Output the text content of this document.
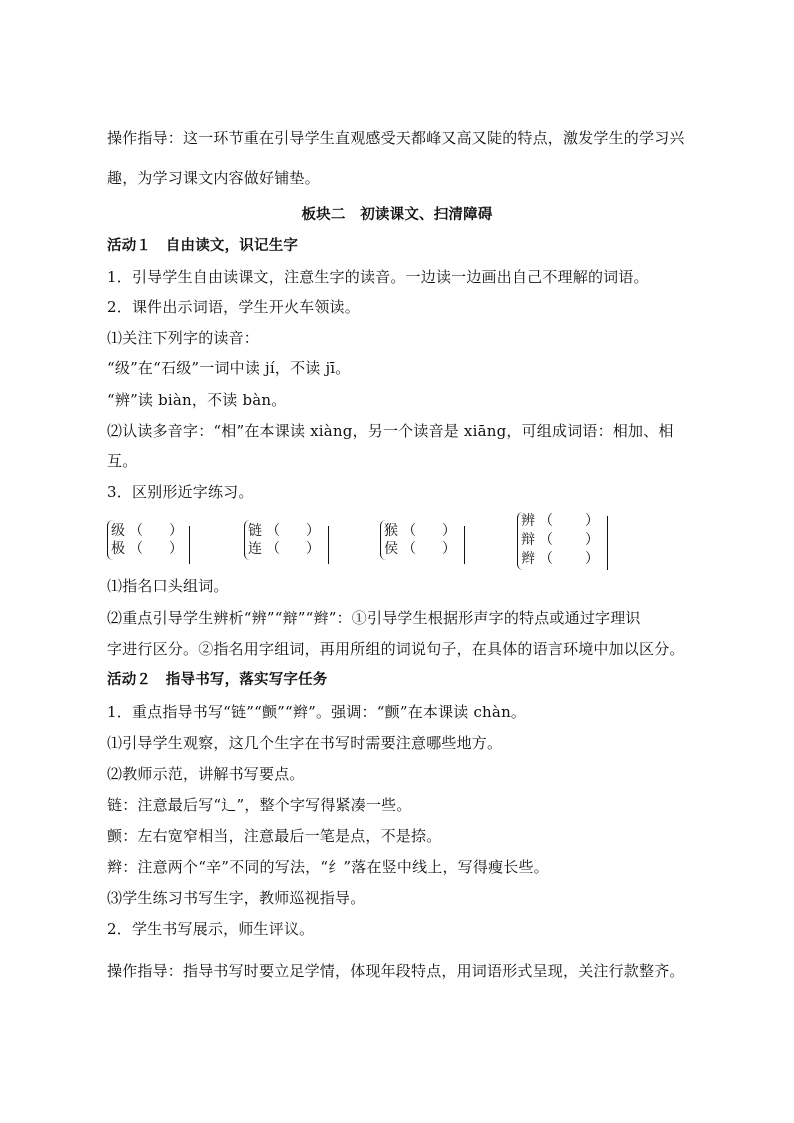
操作指导：这一环节重在引导学生直观感受天都峰又高又陡的特点，激发学生的学习兴
趣，为学习课文内容做好铺垫。
板块二　初读课文、扫清障碍
活动１　自由读文，识记生字
1．引导学生自由读课文，注意生字的读音。一边读一边画出自己不理解的词语。
2．课件出示词语，学生开火车领读。
⑴关注下列字的读音：
“级”在“石级”一词中读 jí，不读 jī。
“辨”读 biàn，不读 bàn。
⑵认读多音字：“相”在本课读 xiàng，另一个读音是 xiāng，可组成词语：相加、相
互。
3．区别形近字练习。
级 （ ）
极 （ ）
链 （ ）
连 （ ）
猴 （ ）
侯 （ ）
辨 （ ）
辩 （ ）
辫 （ ）
⑴指名口头组词。
⑵重点引导学生辨析“辨”“辩”“辫”：①引导学生根据形声字的特点或通过字理识
字进行区分。②指名用字组词，再用所组的词说句子，在具体的语言环境中加以区分。
活动２　指导书写，落实写字任务
1．重点指导书写“链”“颤”“辫”。强调：“颤”在本课读 chàn。
⑴引导学生观察，这几个生字在书写时需要注意哪些地方。
⑵教师示范，讲解书写要点。
链：注意最后写“辶”，整个字写得紧凑一些。
颤：左右宽窄相当，注意最后一笔是点，不是捺。
辫：注意两个“辛”不同的写法，“纟”落在竖中线上，写得瘦长些。
⑶学生练习书写生字，教师巡视指导。
2．学生书写展示，师生评议。
操作指导：指导书写时要立足学情，体现年段特点，用词语形式呈现，关注行款整齐。
